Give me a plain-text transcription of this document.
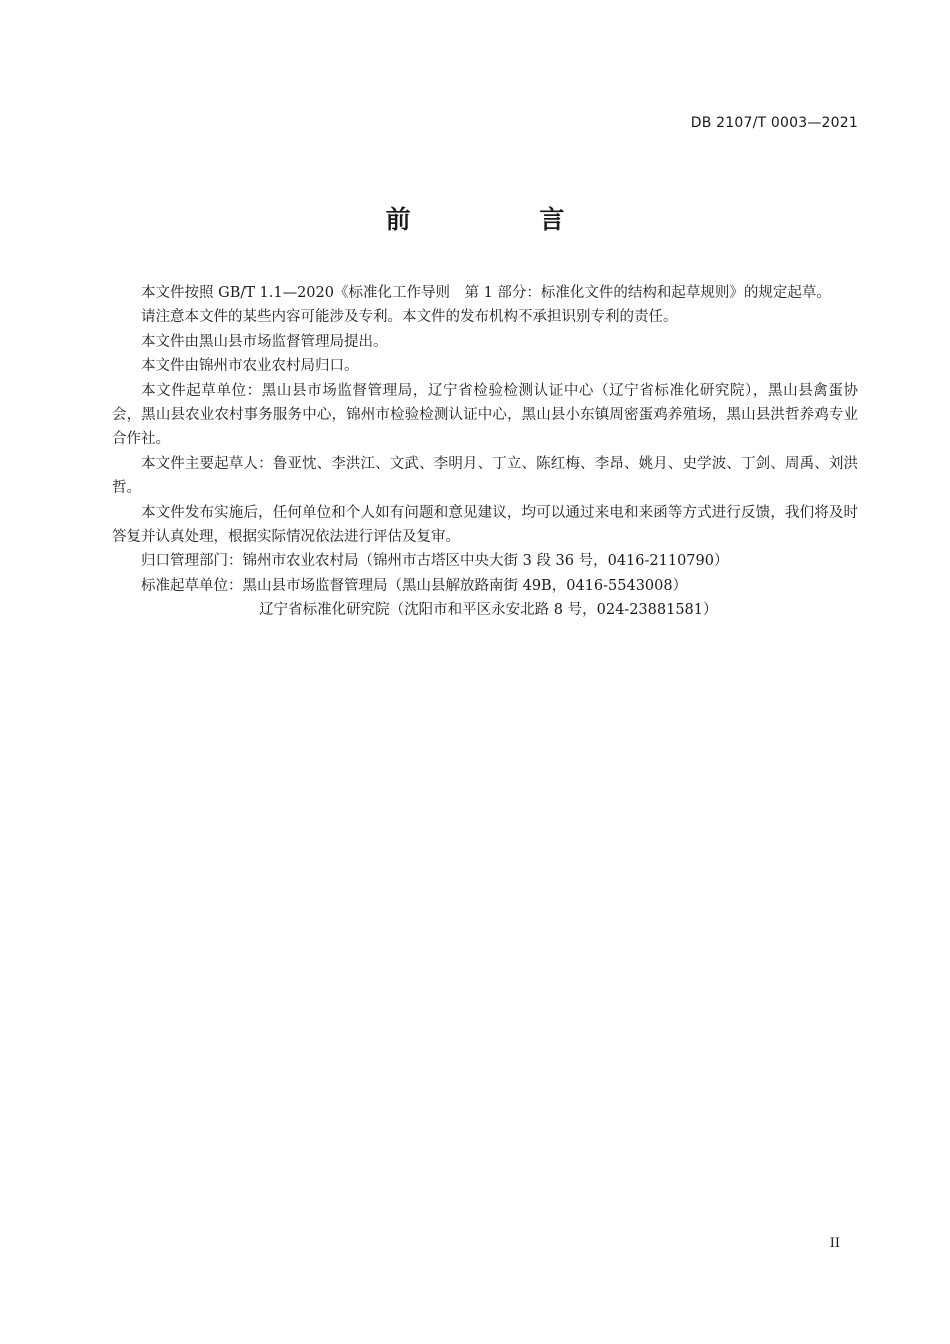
DB 2107/T 0003—2021
前 言

本文件按照 GB/T 1.1—2020《标准化工作导则　第 1 部分：标准化文件的结构和起草规则》的规定起草。

请注意本文件的某些内容可能涉及专利。本文件的发布机构不承担识别专利的责任。

本文件由黑山县市场监督管理局提出。

本文件由锦州市农业农村局归口。

本文件起草单位：黑山县市场监督管理局，辽宁省检验检测认证中心（辽宁省标准化研究院），黑山县禽蛋协会，黑山县农业农村事务服务中心，锦州市检验检测认证中心，黑山县小东镇周密蛋鸡养殖场，黑山县洪哲养鸡专业合作社。

本文件主要起草人：鲁亚忱、李洪江、文武、李明月、丁立、陈红梅、李昂、姚月、史学波、丁剑、周禹、刘洪哲。

本文件发布实施后，任何单位和个人如有问题和意见建议，均可以通过来电和来函等方式进行反馈，我们将及时答复并认真处理，根据实际情况依法进行评估及复审。

归口管理部门：锦州市农业农村局（锦州市古塔区中央大街 3 段 36 号，0416-2110790）

标准起草单位：黑山县市场监督管理局（黑山县解放路南街 49B，0416-5543008）

辽宁省标准化研究院（沈阳市和平区永安北路 8 号，024-23881581）

II
